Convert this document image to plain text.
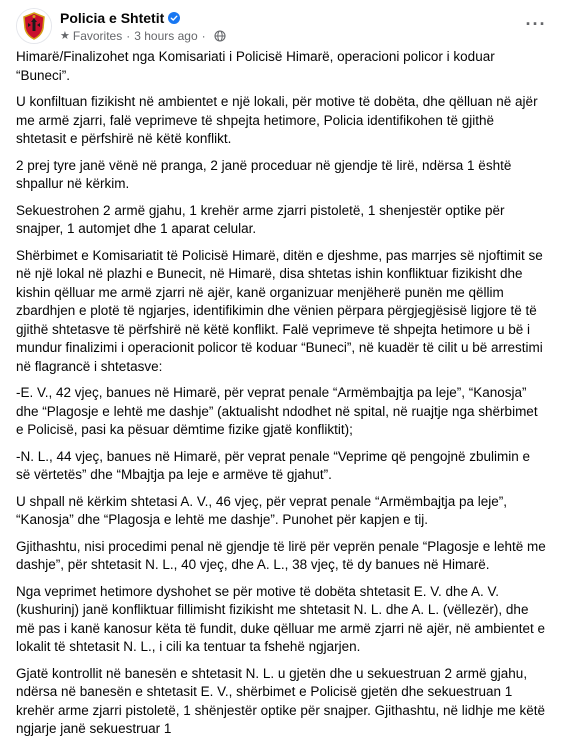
Policia e Shtetit
★ Favorites · 3 hours ago ·
···

Himarë/Finalizohet nga Komisariati i Policisë Himarë, operacioni policor i koduar “Buneci”.

U konfiltuan fizikisht në ambientet e një lokali, për motive të dobëta, dhe qëlluan në ajër me armë zjarri, falë veprimeve të shpejta hetimore, Policia identifikohen të gjithë shtetasit e përfshirë në këtë konflikt.

2 prej tyre janë vënë në pranga, 2 janë proceduar në gjendje të lirë, ndërsa 1 është shpallur në kërkim.

Sekuestrohen 2 armë gjahu, 1 krehër arme zjarri pistoletë, 1 shenjestër optike për snajper, 1 automjet dhe 1 aparat celular.

Shërbimet e Komisariatit të Policisë Himarë, ditën e djeshme, pas marrjes së njoftimit se në një lokal në plazhi e Bunecit, në Himarë, disa shtetas ishin konfliktuar fizikisht dhe kishin qëlluar me armë zjarri në ajër, kanë organizuar menjëherë punën me qëllim zbardhjen e plotë të ngjarjes, identifikimin dhe vënien përpara përgjegjësisë ligjore të të gjithë shtetasve të përfshirë në këtë konflikt. Falë veprimeve të shpejta hetimore u bë i mundur finalizimi i operacionit policor të koduar “Buneci”, në kuadër të cilit u bë arrestimi në flagrancë i shtetasve:

-E. V., 42 vjeç, banues në Himarë, për veprat penale “Armëmbajtja pa leje”, “Kanosja” dhe “Plagosje e lehtë me dashje” (aktualisht ndodhet në spital, në ruajtje nga shërbimet e Policisë, pasi ka pësuar dëmtime fizike gjatë konfliktit);

-N. L., 44 vjeç, banues në Himarë, për veprat penale “Veprime që pengojnë zbulimin e së vërtetës” dhe “Mbajtja pa leje e armëve të gjahut”.

U shpall në kërkim shtetasi A. V., 46 vjeç, për veprat penale “Armëmbajtja pa leje”, “Kanosja” dhe “Plagosja e lehtë me dashje”. Punohet për kapjen e tij.

Gjithashtu, nisi procedimi penal në gjendje të lirë për veprën penale “Plagosje e lehtë me dashje”, për shtetasit N. L., 40 vjeç, dhe A. L., 38 vjeç, të dy banues në Himarë.

Nga veprimet hetimore dyshohet se për motive të dobëta shtetasit E. V. dhe A. V. (kushurinj) janë konfliktuar fillimisht fizikisht me shtetasit N. L. dhe A. L. (vëllezër), dhe më pas i kanë kanosur këta të fundit, duke qëlluar me armë zjarri në ajër, në ambientet e lokalit të shtetasit N. L., i cili ka tentuar ta fshehë ngjarjen.

Gjatë kontrollit në banesën e shtetasit N. L. u gjetën dhe u sekuestruan 2 armë gjahu, ndërsa në banesën e shtetasit E. V., shërbimet e Policisë gjetën dhe sekuestruan 1 krehër arme zjarri pistoletë, 1 shënjestër optike për snajper. Gjithashtu, në lidhje me këtë ngjarje janë sekuestruar 1
